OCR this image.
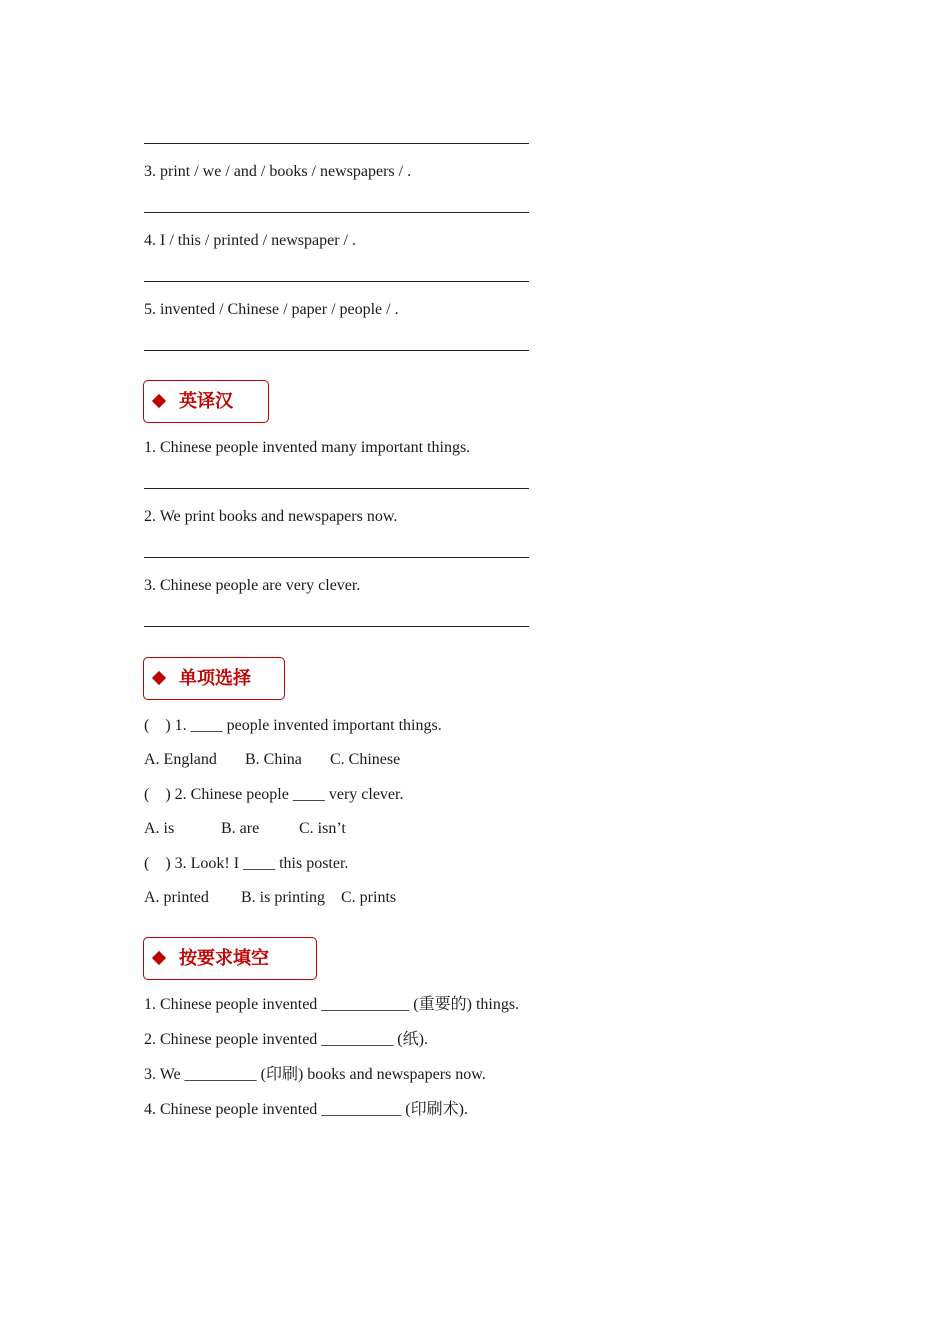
3. print / we / and / books / newspapers / .
4. I / this / printed / newspaper / .
5. invented / Chinese / paper / people / .
英译汉
1. Chinese people invented many important things.
2. We print books and newspapers now.
3. Chinese people are very clever.
单项选择
(    ) 1. ____ people invented important things.
A. England B. China C. Chinese
(    ) 2. Chinese people ____ very clever.
A. is	B. are C. isn’t
(    ) 3. Look! I ____ this poster.
A. printed B. is printing C. prints
按要求填空
1. Chinese people invented ___________ (重要的) things.
2. Chinese people invented _________ (纸).
3. We _________ (印刷) books and newspapers now.
4. Chinese people invented __________ (印刷术).
